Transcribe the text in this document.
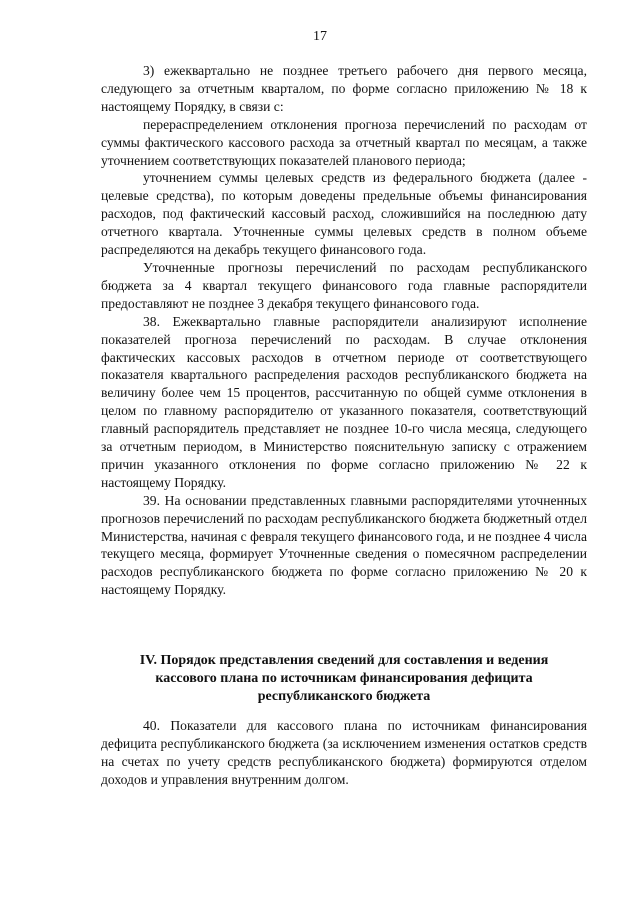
17

3) ежеквартально не позднее третьего рабочего дня первого месяца, следующего за отчетным кварталом, по форме согласно приложению № 18 к настоящему Порядку, в связи с:

перераспределением отклонения прогноза перечислений по расходам от суммы фактического кассового расхода за отчетный квартал по месяцам, а также уточнением соответствующих показателей планового периода;

уточнением суммы целевых средств из федерального бюджета (далее - целевые средства), по которым доведены предельные объемы финансирования расходов, под фактический кассовый расход, сложившийся на последнюю дату отчетного квартала. Уточненные суммы целевых средств в полном объеме распределяются на декабрь текущего финансового года.

Уточненные прогнозы перечислений по расходам республиканского бюджета за 4 квартал текущего финансового года главные распорядители предоставляют не позднее 3 декабря текущего финансового года.

38. Ежеквартально главные распорядители анализируют исполнение показателей прогноза перечислений по расходам. В случае отклонения фактических кассовых расходов в отчетном периоде от соответствующего показателя квартального распределения расходов республиканского бюджета на величину более чем 15 процентов, рассчитанную по общей сумме отклонения в целом по главному распорядителю от указанного показателя, соответствующий главный распорядитель представляет не позднее 10-го числа месяца, следующего за отчетным периодом, в Министерство пояснительную записку с отражением причин указанного отклонения по форме согласно приложению № 22 к настоящему Порядку.

39. На основании представленных главными распорядителями уточненных прогнозов перечислений по расходам республиканского бюджета бюджетный отдел Министерства, начиная с февраля текущего финансового года, и не позднее 4 числа текущего месяца, формирует Уточненные сведения о помесячном распределении расходов республиканского бюджета по форме согласно приложению № 20 к настоящему Порядку.

IV. Порядок представления сведений для составления и ведения
кассового плана по источникам финансирования дефицита
республиканского бюджета

40. Показатели для кассового плана по источникам финансирования дефицита республиканского бюджета (за исключением изменения остатков средств на счетах по учету средств республиканского бюджета) формируются отделом доходов и управления внутренним долгом.
